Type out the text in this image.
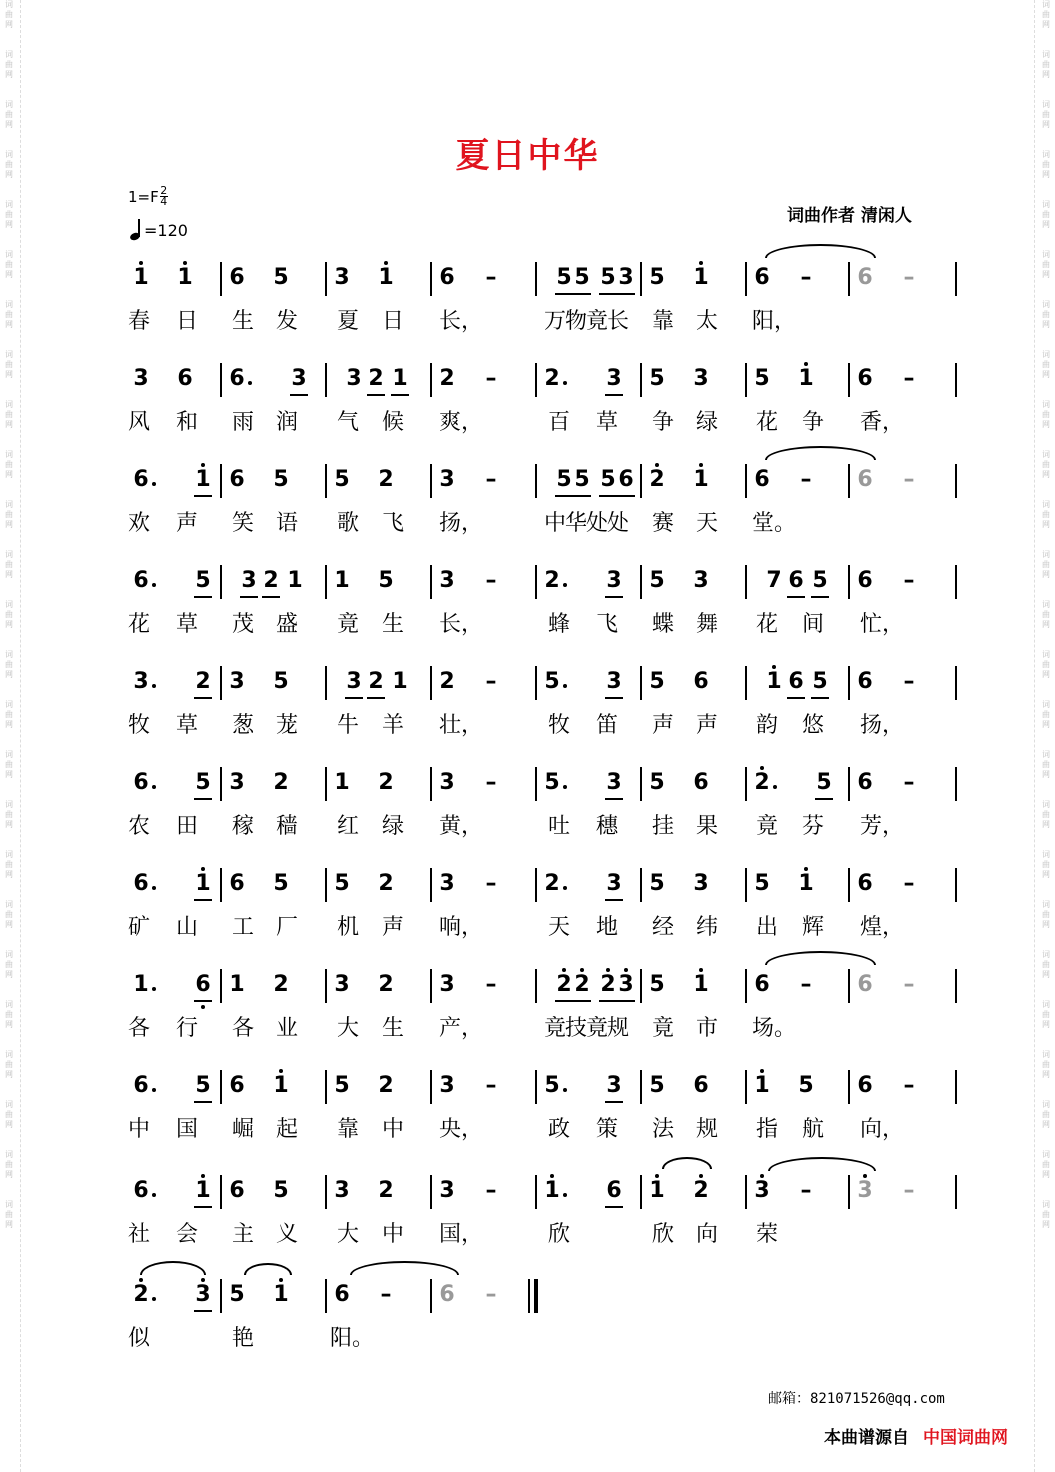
词
曲
网

词
曲
网

词
曲
网

词
曲
网

词
曲
网

词
曲
网

词
曲
网

词
曲
网

词
曲
网

词
曲
网

词
曲
网

词
曲
网

词
曲
网

词
曲
网

词
曲
网

词
曲
网

词
曲
网

词
曲
网

词
曲
网

词
曲
网

词
曲
网

词
曲
网

词
曲
网

词
曲
网

词
曲
网

词
曲
网

词
曲
网

词
曲
网

词
曲
网

词
曲
网

词
曲
网

词
曲
网

词
曲
网

词
曲
网

词
曲
网

词
曲
网

词
曲
网

词
曲
网

词
曲
网

词
曲
网

词
曲
网

词
曲
网

词
曲
网

词
曲
网

词
曲
网

词
曲
网

词
曲
网

词
曲
网

词
曲
网

词
曲
网

夏日中华
$1=F \frac{2}{4}$
=120
词曲作者 清闲人
1	1	6	5	3	1	6	–	5 5 5 3 5	1	6	–	6	–
春 日 生 发 夏 日 长，	万物竟长 靠 太 阳，
3	6	6	3	3 2 1	2	–	2	3	5	3	5	1	6	–
风 和 雨 润 气 候 爽，	百 草 争 绿 花 争 香，
6	1 6	5	5	2	3	–	5 5 5 6 2	1	6	–	6	–
欢 声 笑 语 歌 飞 扬，	中华处处 赛 天 堂。
6	5	3 2 1	1	5	3	–	2	3	5	3	7 6 5	6	–
花 草 茂 盛 竟 生 长，	蜂 飞 蝶 舞 花 间 忙，
3	2 3	5	3 2 1	2	–	5	3	5	6	1 6 5	6	–
牧 草 葱 茏 牛 羊 壮，	牧 笛 声 声 韵 悠 扬，
6	5 3	2	1	2	3	–	5	3	5	6	2	5	6	–
农 田 稼 穑 红 绿 黄，	吐 穗 挂 果 竟 芬 芳，
6	1 6	5	5	2	3	–	2	3	5	3	5	1	6	–
矿 山 工 厂 机 声 响，	天 地 经 纬 出 辉 煌，
1	6 1	2	3	2	3	–	2 2 2 3 5	1	6	–	6	–
各 行 各 业 大 生 产，	竟技竟规 竟 市 场。
6	5 6	1	5	2	3	–	5	3	5	6	1	5	6	–
中 国 崛 起 靠 中 央，	政 策 法 规 指 航 向，
6	1 6	5	3	2	3	–	1	6	1	2	3	–	3	–
社 会 主 义 大 中 国，	欣	欣 向 荣
2	3 5	1	6	–	6	–
似	艳	阳。
邮箱：821071526@qq.com
本曲谱源自 中国词曲网
